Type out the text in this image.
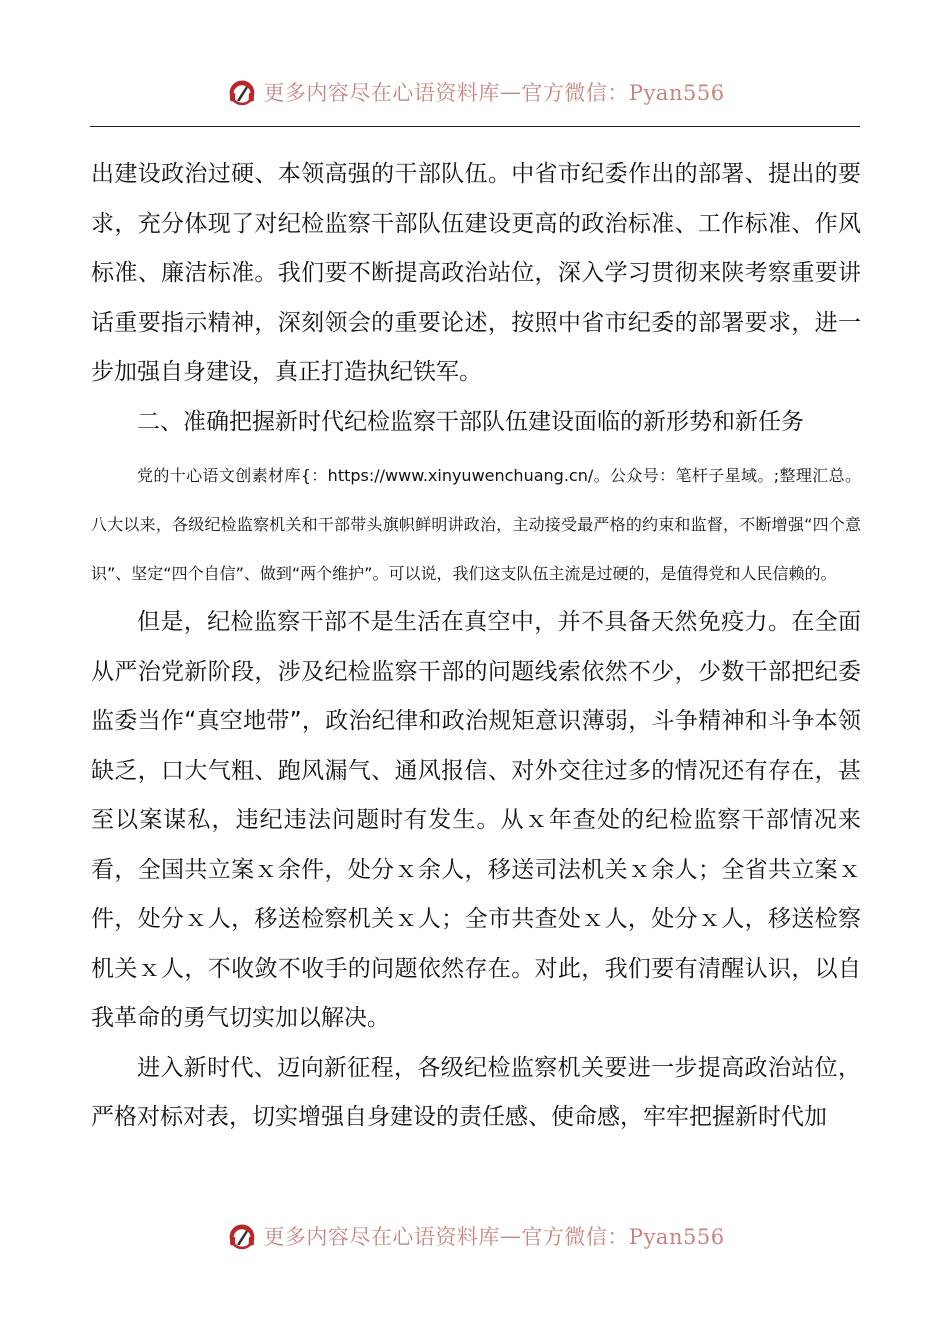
更多内容尽在心语资料库 — 官方微信：Pyan556

出建设政治过硬、本领高强的干部队伍。中省市纪委作出的部署、提出的要求，充分体现了对纪检监察干部队伍建设更高的政治标准、工作标准、作风标准、廉洁标准。我们要不断提高政治站位，深入学习贯彻来陕考察重要讲话重要指示精神，深刻领会的重要论述，按照中省市纪委的部署要求，进一步加强自身建设，真正打造执纪铁军。

二、准确把握新时代纪检监察干部队伍建设面临的新形势和新任务

党的十心语文创素材库{：https://www.xinyuwenchuang.cn/。公众号：笔杆子星域。;整理汇总。八大以来，各级纪检监察机关和干部带头旗帜鲜明讲政治，主动接受最严格的约束和监督，不断增强“四个意识”、坚定“四个自信”、做到“两个维护”。可以说，我们这支队伍主流是过硬的，是值得党和人民信赖的。

但是，纪检监察干部不是生活在真空中，并不具备天然免疫力。在全面从严治党新阶段，涉及纪检监察干部的问题线索依然不少，少数干部把纪委监委当作“真空地带”，政治纪律和政治规矩意识薄弱，斗争精神和斗争本领缺乏，口大气粗、跑风漏气、通风报信、对外交往过多的情况还有存在，甚至以案谋私，违纪违法问题时有发生。从ｘ年查处的纪检监察干部情况来看，全国共立案ｘ余件，处分ｘ余人，移送司法机关ｘ余人；全省共立案ｘ件，处分ｘ人，移送检察机关ｘ人；全市共查处ｘ人，处分ｘ人，移送检察机关ｘ人，不收敛不收手的问题依然存在。对此，我们要有清醒认识，以自我革命的勇气切实加以解决。

进入新时代、迈向新征程，各级纪检监察机关要进一步提高政治站位，严格对标对表，切实增强自身建设的责任感、使命感，牢牢把握新时代加

更多内容尽在心语资料库 — 官方微信：Pyan556
